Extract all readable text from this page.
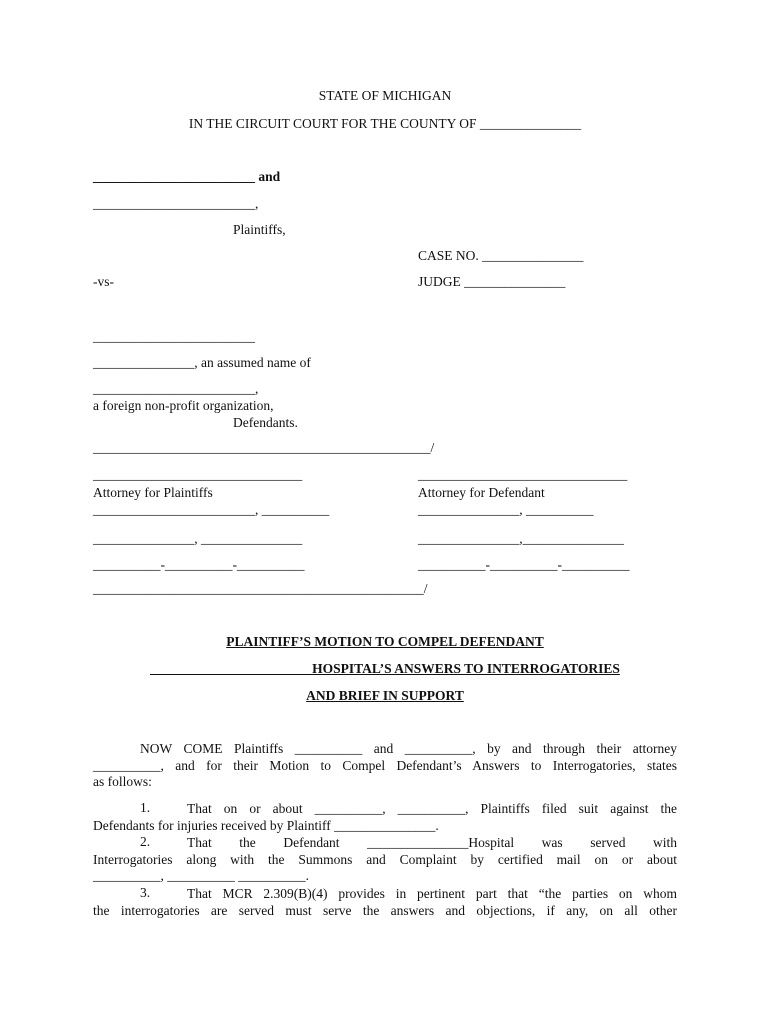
STATE OF MICHIGAN
IN THE CIRCUIT COURT FOR THE COUNTY OF _______________
________________________ and
________________________,
Plaintiffs,
CASE NO. _______________
-vs-	JUDGE _______________
________________________
_______________, an assumed name of
________________________,
a foreign non-profit organization,
Defendants.
__________________________________________________/
_______________________________	_______________________________
Attorney for Plaintiffs	Attorney for Defendant
________________________, __________	_______________, __________
_______________, _______________	_______________,_______________
__________-__________-__________	__________-__________-__________
_________________________________________________/
PLAINTIFF’S MOTION TO COMPEL DEFENDANT
________________________HOSPITAL’S ANSWERS TO INTERROGATORIES
AND BRIEF IN SUPPORT
NOW COME Plaintiffs __________ and __________, by and through their attorney
__________, and for their Motion to Compel Defendant’s Answers to Interrogatories, states
as follows:
1.	That on or about __________, __________, Plaintiffs filed suit against the
Defendants for injuries received by Plaintiff _______________.
2.	That the Defendant _______________Hospital was served with
Interrogatories along with the Summons and Complaint by certified mail on or about
__________, __________ __________.
3.	That MCR 2.309(B)(4) provides in pertinent part that “the parties on whom
the interrogatories are served must serve the answers and objections, if any, on all other
